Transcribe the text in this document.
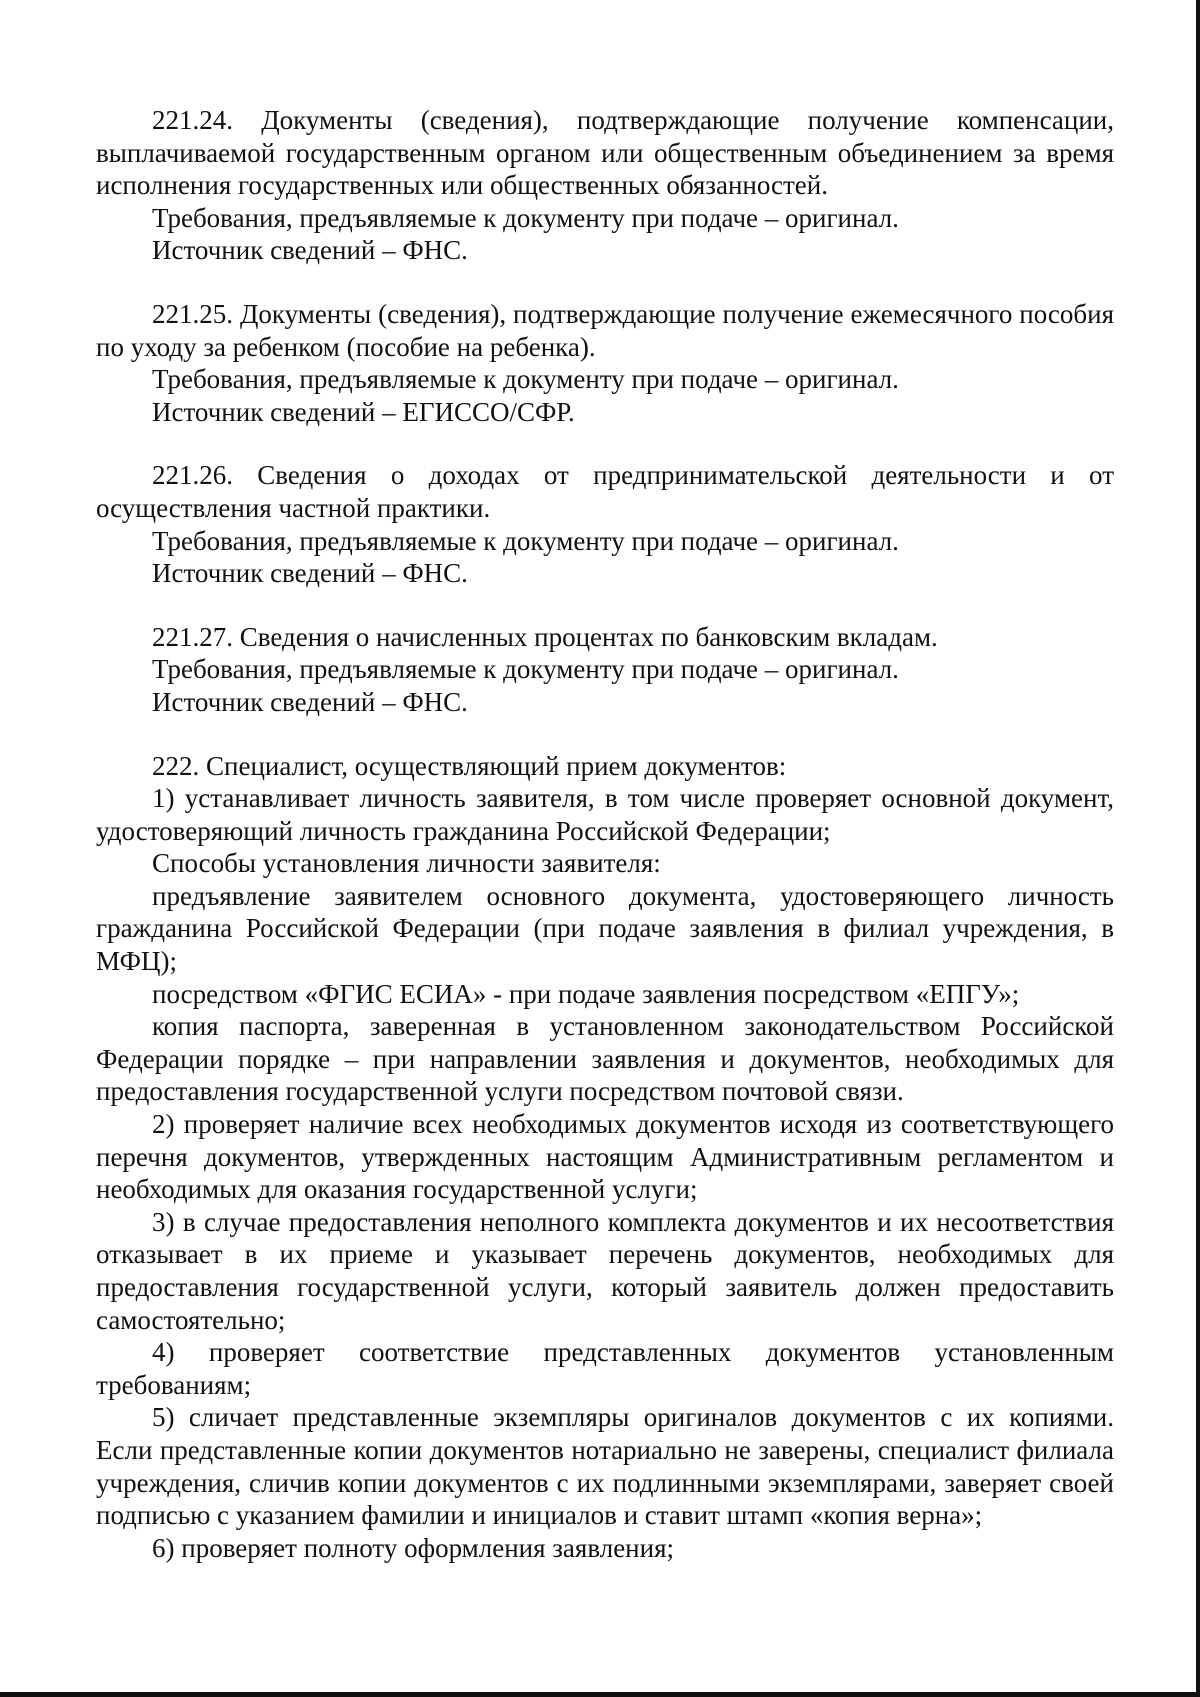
221.24. Документы (сведения), подтверждающие получение компенсации, выплачиваемой государственным органом или общественным объединением за время исполнения государственных или общественных обязанностей.

Требования, предъявляемые к документу при подаче – оригинал.

Источник сведений – ФНС.

221.25. Документы (сведения), подтверждающие получение ежемесячного пособия по уходу за ребенком (пособие на ребенка).

Требования, предъявляемые к документу при подаче – оригинал.

Источник сведений – ЕГИССО/СФР.

221.26. Сведения о доходах от предпринимательской деятельности и от осуществления частной практики.

Требования, предъявляемые к документу при подаче – оригинал.

Источник сведений – ФНС.

221.27. Сведения о начисленных процентах по банковским вкладам.

Требования, предъявляемые к документу при подаче – оригинал.

Источник сведений – ФНС.

222. Специалист, осуществляющий прием документов:

1) устанавливает личность заявителя, в том числе проверяет основной документ, удостоверяющий личность гражданина Российской Федерации;

Способы установления личности заявителя:

предъявление заявителем основного документа, удостоверяющего личность гражданина Российской Федерации (при подаче заявления в филиал учреждения, в МФЦ);

посредством «ФГИС ЕСИА» - при подаче заявления посредством «ЕПГУ»;

копия паспорта, заверенная в установленном законодательством Российской Федерации порядке – при направлении заявления и документов, необходимых для предоставления государственной услуги посредством почтовой связи.

2) проверяет наличие всех необходимых документов исходя из соответствующего перечня документов, утвержденных настоящим Административным регламентом и необходимых для оказания государственной услуги;

3) в случае предоставления неполного комплекта документов и их несоответствия отказывает в их приеме и указывает перечень документов, необходимых для предоставления государственной услуги, который заявитель должен предоставить самостоятельно;

4) проверяет соответствие представленных документов установленным требованиям;

5) сличает представленные экземпляры оригиналов документов с их копиями. Если представленные копии документов нотариально не заверены, специалист филиала учреждения, сличив копии документов с их подлинными экземплярами, заверяет своей подписью с указанием фамилии и инициалов и ставит штамп «копия верна»;

6) проверяет полноту оформления заявления;
